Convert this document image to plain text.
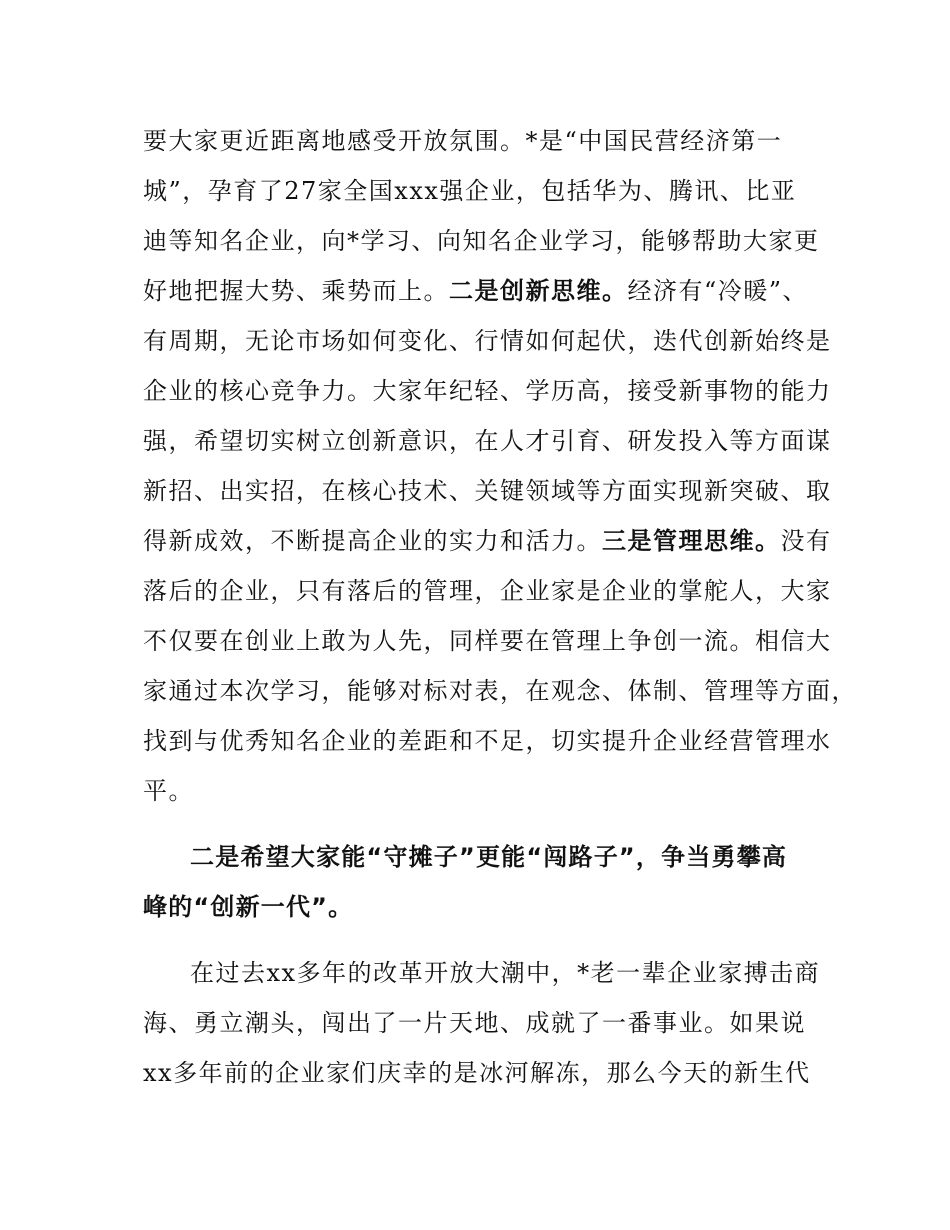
要大家更近距离地感受开放氛围。*是“中国民营经济第一
城”，孕育了27家全国xxx强企业，包括华为、腾讯、比亚
迪等知名企业，向*学习、向知名企业学习，能够帮助大家更
好地把握大势、乘势而上。二是创新思维。经济有“冷暖”、
有周期，无论市场如何变化、行情如何起伏，迭代创新始终是
企业的核心竞争力。大家年纪轻、学历高，接受新事物的能力
强，希望切实树立创新意识，在人才引育、研发投入等方面谋
新招、出实招，在核心技术、关键领域等方面实现新突破、取
得新成效，不断提高企业的实力和活力。三是管理思维。没有
落后的企业，只有落后的管理，企业家是企业的掌舵人，大家
不仅要在创业上敢为人先，同样要在管理上争创一流。相信大
家通过本次学习，能够对标对表，在观念、体制、管理等方面，
找到与优秀知名企业的差距和不足，切实提升企业经营管理水
平。
二是希望大家能“守摊子”更能“闯路子”，争当勇攀高
峰的“创新一代”。
在过去xx多年的改革开放大潮中，*老一辈企业家搏击商
海、勇立潮头，闯出了一片天地、成就了一番事业。如果说
xx多年前的企业家们庆幸的是冰河解冻，那么今天的新生代
